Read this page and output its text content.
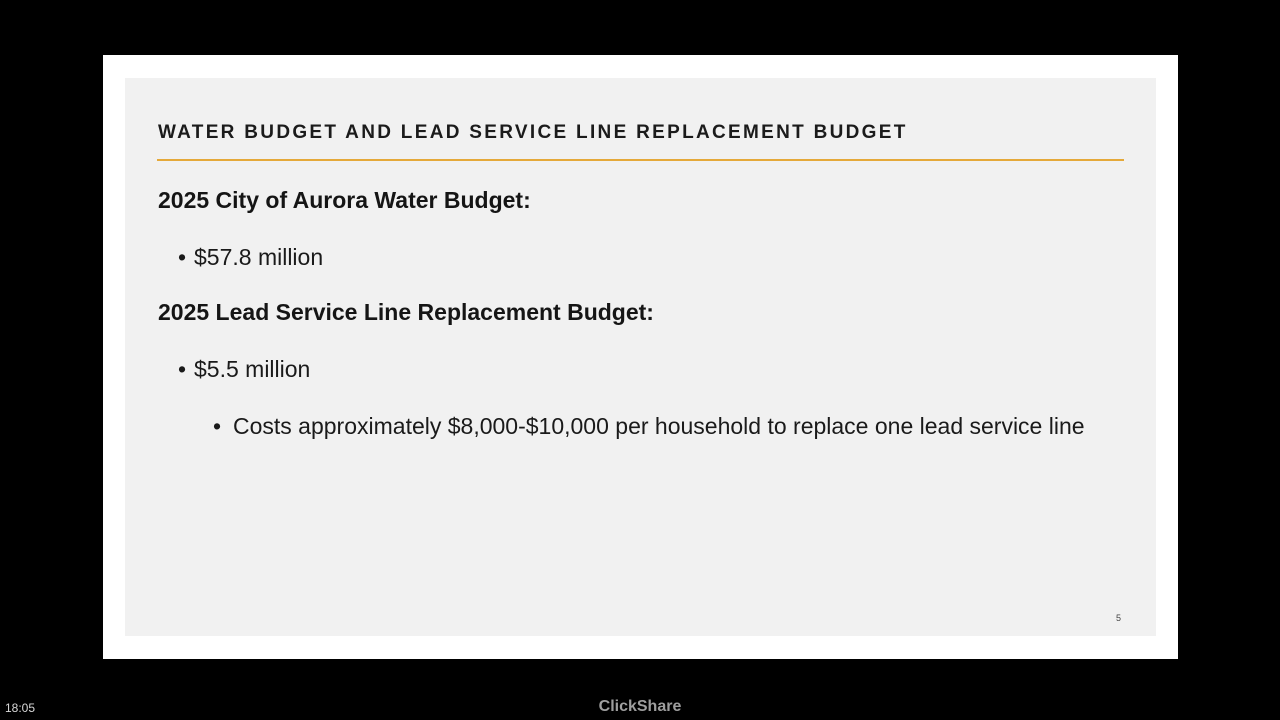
WATER BUDGET AND LEAD SERVICE LINE REPLACEMENT BUDGET
2025 City of Aurora Water Budget:
• $57.8 million
2025 Lead Service Line Replacement Budget:
• $5.5 million
• Costs approximately $8,000-$10,000 per household to replace one lead service line
5
18:05	ClickShare
